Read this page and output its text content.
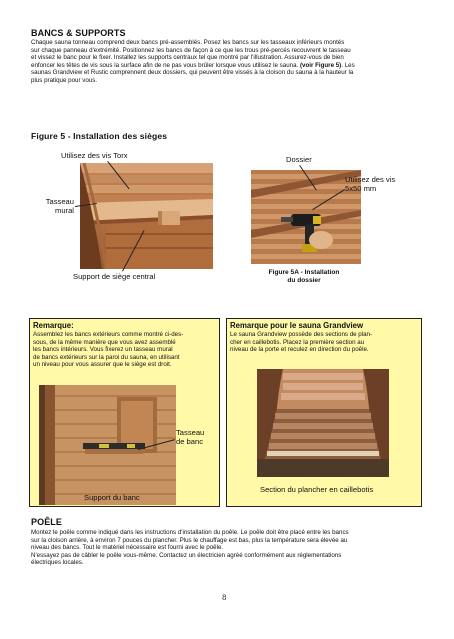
BANCS & SUPPORTS
Chaque sauna tonneau comprend deux bancs pré-assemblés. Posez les bancs sur les tasseaux inférieurs montés
sur chaque panneau d'extrémité. Positionnez les bancs de façon à ce que les trous pré-percés recouvrent le tasseau
et vissez le banc pour le fixer. Installez les supports centraux tel que montré par l'illustration. Assurez-vous de bien
enfoncer les têtes de vis sous la surface afin de ne pas vous brûler lorsque vous utilisez le sauna. (voir Figure 5). Les
saunas Grandview et Rustic comprennent deux dossiers, qui peuvent être vissés à la cloison du sauna à la hauteur la
plus pratique pour vous.
Figure 5 - Installation des sièges
Utilisez des vis Torx
Tasseau
mural
Support de siège central
Dossier
Utilisez des vis
5x50 mm
Figure 5A - Installation
du dossier
Remarque:
Assemblez les bancs extérieurs comme montré ci-des-
sous, de la même manière que vous avez assemblé
les bancs intérieurs. Vous fixerez un tasseau mural
de bancs extérieurs sur la paroi du sauna, en utilisant
un niveau pour vous assurer que le siège est droit.
Tasseau
de banc
Support du banc
Remarque pour le sauna Grandview
Le sauna Grandview possède des sections de plan-
cher en caillebotis. Placez la première section au
niveau de la porte et reculez en direction du poêle.
Section du plancher en caillebotis
POÊLE
Montez le poêle comme indiqué dans les instructions d'installation du poêle. Le poêle doit être placé entre les bancs
sur la cloison arrière, à environ 7 pouces du plancher. Plus le chauffage est bas, plus la température sera élevée au
niveau des bancs. Tout le matériel nécessaire est fourni avec le poêle.
N'essayez pas de câbler le poêle vous-même. Contactez un électricien agréé conformément aux réglementations
électriques locales.
8
